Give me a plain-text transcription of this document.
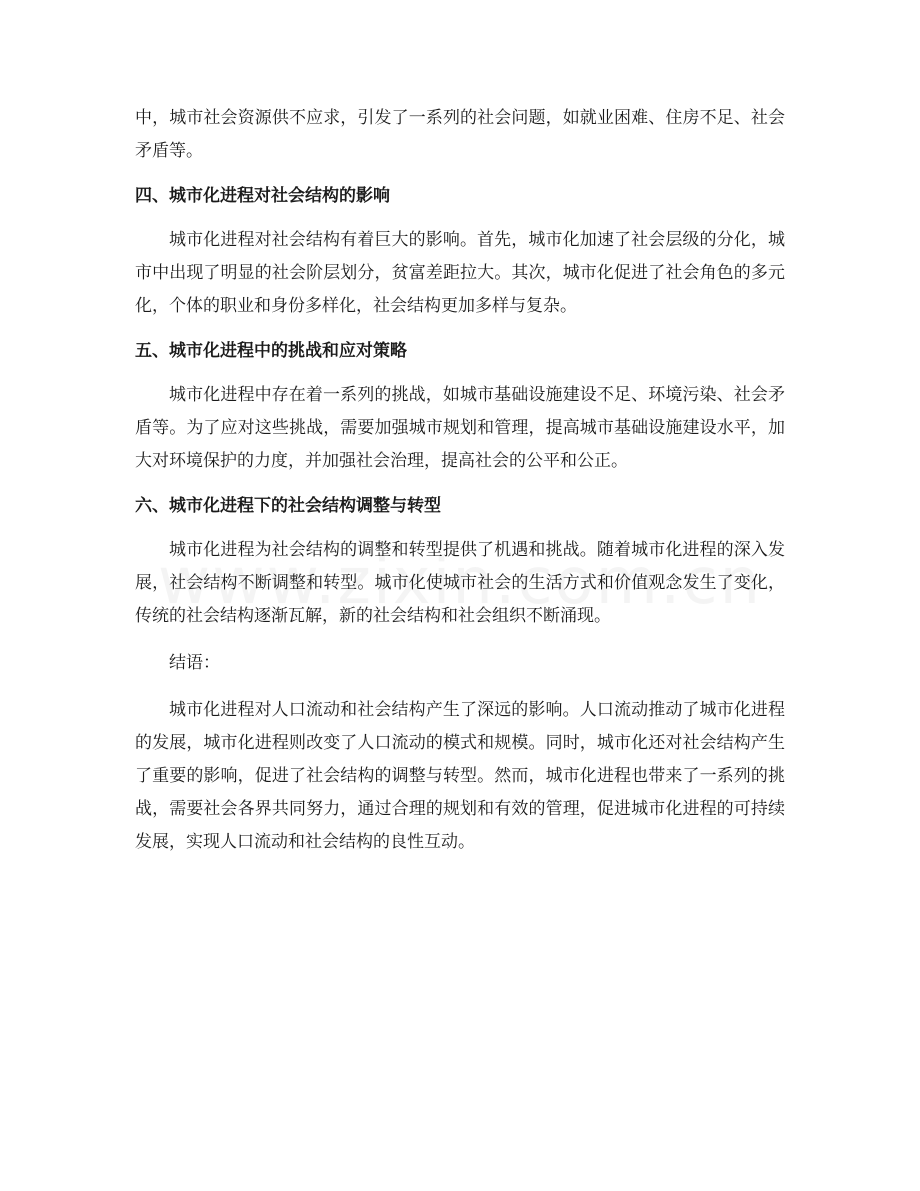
中，城市社会资源供不应求，引发了一系列的社会问题，如就业困难、住房不足、社会矛盾等。

四、城市化进程对社会结构的影响

城市化进程对社会结构有着巨大的影响。首先，城市化加速了社会层级的分化，城市中出现了明显的社会阶层划分，贫富差距拉大。其次，城市化促进了社会角色的多元化，个体的职业和身份多样化，社会结构更加多样与复杂。

五、城市化进程中的挑战和应对策略

城市化进程中存在着一系列的挑战，如城市基础设施建设不足、环境污染、社会矛盾等。为了应对这些挑战，需要加强城市规划和管理，提高城市基础设施建设水平，加大对环境保护的力度，并加强社会治理，提高社会的公平和公正。

六、城市化进程下的社会结构调整与转型

城市化进程为社会结构的调整和转型提供了机遇和挑战。随着城市化进程的深入发展，社会结构不断调整和转型。城市化使城市社会的生活方式和价值观念发生了变化，传统的社会结构逐渐瓦解，新的社会结构和社会组织不断涌现。

结语：

城市化进程对人口流动和社会结构产生了深远的影响。人口流动推动了城市化进程的发展，城市化进程则改变了人口流动的模式和规模。同时，城市化还对社会结构产生了重要的影响，促进了社会结构的调整与转型。然而，城市化进程也带来了一系列的挑战，需要社会各界共同努力，通过合理的规划和有效的管理，促进城市化进程的可持续发展，实现人口流动和社会结构的良性互动。
